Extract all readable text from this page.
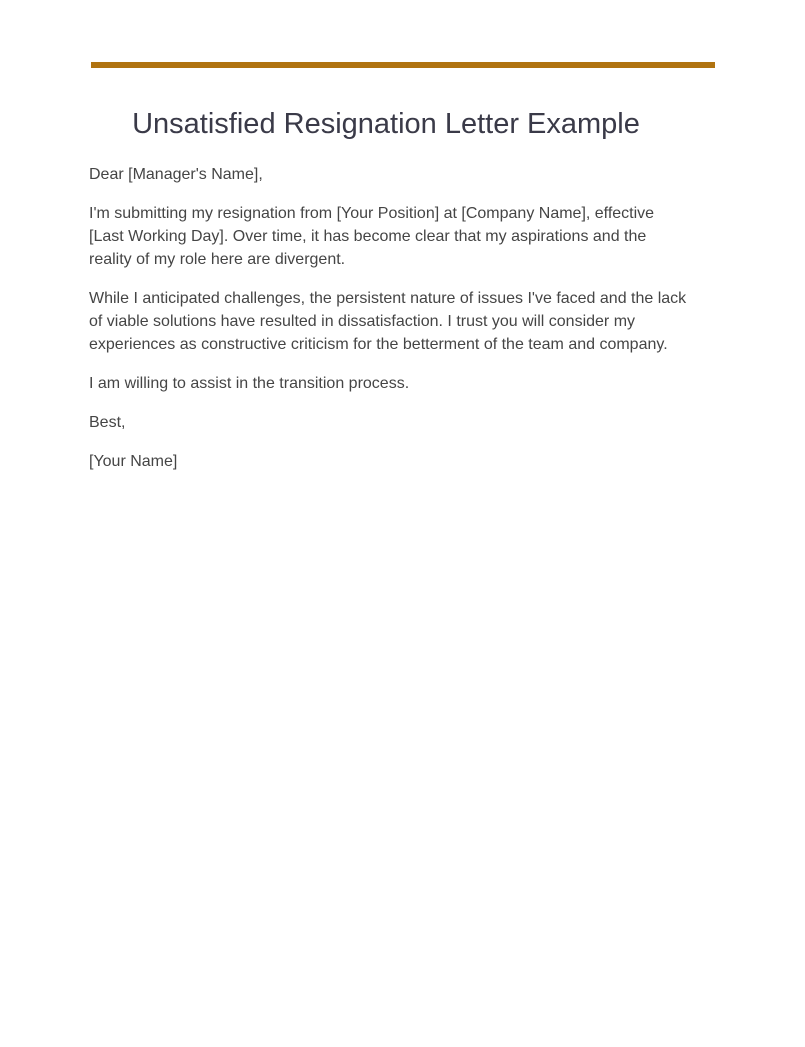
Unsatisfied Resignation Letter Example

Dear [Manager's Name],

I'm submitting my resignation from [Your Position] at [Company Name], effective [Last Working Day]. Over time, it has become clear that my aspirations and the reality of my role here are divergent.

While I anticipated challenges, the persistent nature of issues I've faced and the lack of viable solutions have resulted in dissatisfaction. I trust you will consider my experiences as constructive criticism for the betterment of the team and company.

I am willing to assist in the transition process.

Best,

[Your Name]
